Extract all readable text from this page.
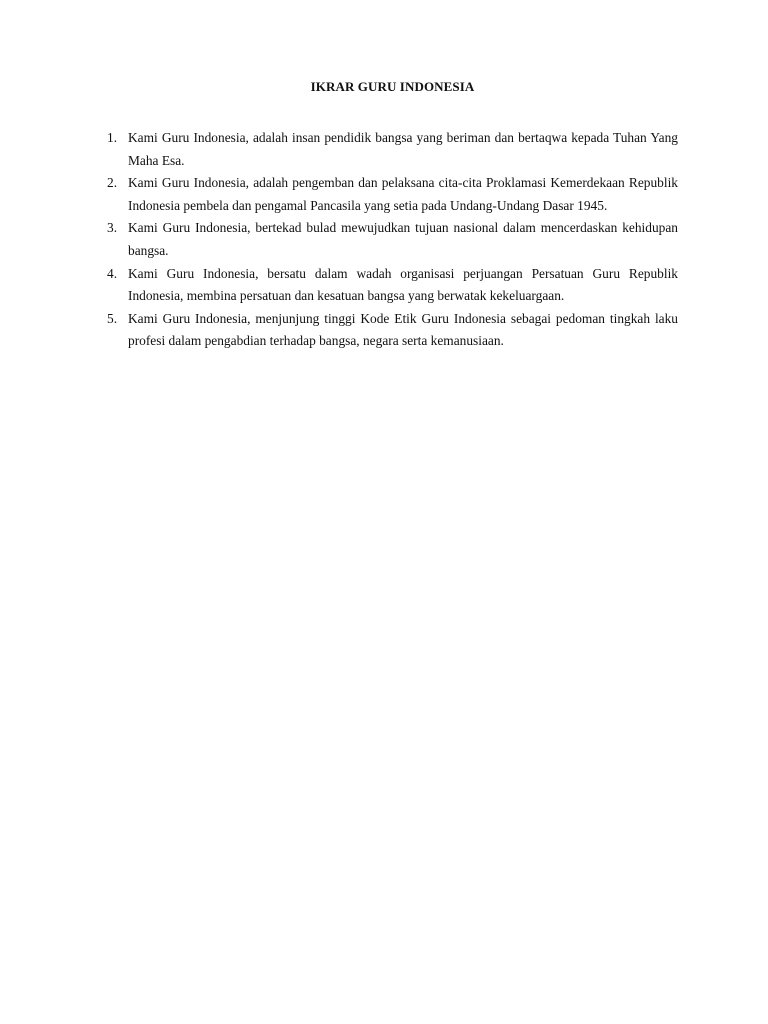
IKRAR GURU INDONESIA
1. Kami Guru Indonesia, adalah insan pendidik bangsa yang beriman dan bertaqwa kepada Tuhan Yang Maha Esa.
2. Kami Guru Indonesia, adalah pengemban dan pelaksana cita-cita Proklamasi Kemerdekaan Republik Indonesia pembela dan pengamal Pancasila yang setia pada Undang-Undang Dasar 1945.
3. Kami Guru Indonesia, bertekad bulad mewujudkan tujuan nasional dalam mencerdaskan kehidupan bangsa.
4. Kami Guru Indonesia, bersatu dalam wadah organisasi perjuangan Persatuan Guru Republik Indonesia, membina persatuan dan kesatuan bangsa yang berwatak kekeluargaan.
5. Kami Guru Indonesia, menjunjung tinggi Kode Etik Guru Indonesia sebagai pedoman tingkah laku profesi dalam pengabdian terhadap bangsa, negara serta kemanusiaan.
